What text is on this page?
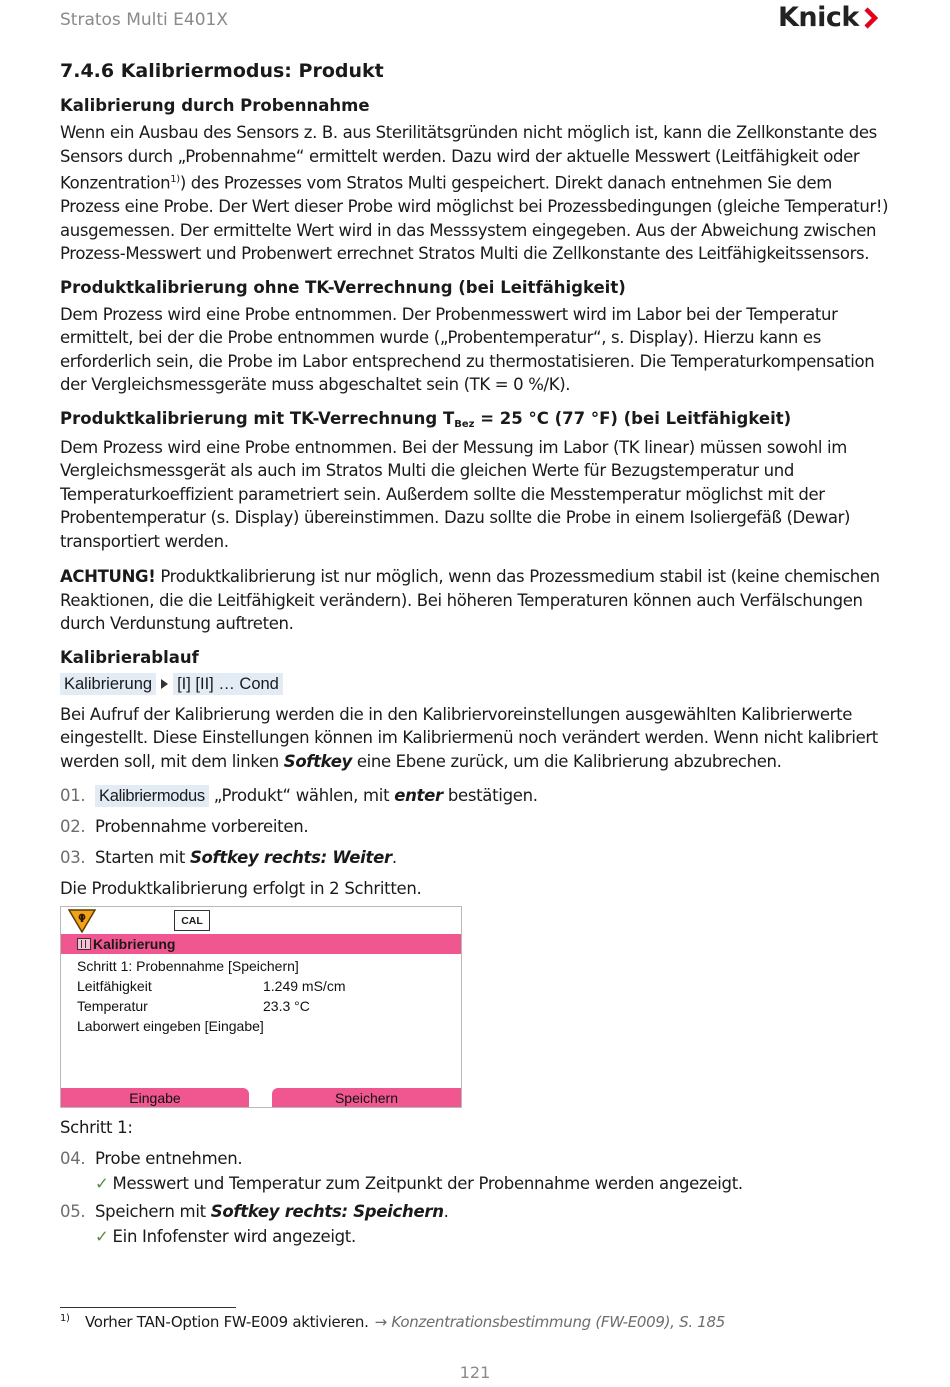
Stratos Multi E401X	Knick
7.4.6 Kalibriermodus: Produkt
Kalibrierung durch Probennahme

Wenn ein Ausbau des Sensors z. B. aus Sterilitätsgründen nicht möglich ist, kann die Zellkonstante des Sensors durch „Probennahme“ ermittelt werden. Dazu wird der aktuelle Messwert (Leitfähigkeit oder Konzentration$^{1)}$) des Prozesses vom Stratos Multi gespeichert. Direkt danach entnehmen Sie dem Prozess eine Probe. Der Wert dieser Probe wird möglichst bei Prozessbedingungen (gleiche Temperatur!) ausgemessen. Der ermittelte Wert wird in das Messsystem eingegeben. Aus der Abweichung zwischen Prozess-Messwert und Probenwert errechnet Stratos Multi die Zellkonstante des Leitfähigkeitssensors.

Produktkalibrierung ohne TK-Verrechnung (bei Leitfähigkeit)

Dem Prozess wird eine Probe entnommen. Der Probenmesswert wird im Labor bei der Temperatur ermittelt, bei der die Probe entnommen wurde („Probentemperatur“, s. Display). Hierzu kann es erforderlich sein, die Probe im Labor entsprechend zu thermostatisieren. Die Temperaturkompensation der Vergleichsmessgeräte muss abgeschaltet sein (TK = 0 %/K).

Produktkalibrierung mit TK-Verrechnung $T_{Bez} = 25$ °C (77 °F) (bei Leitfähigkeit)

Dem Prozess wird eine Probe entnommen. Bei der Messung im Labor (TK linear) müssen sowohl im Vergleichsmessgerät als auch im Stratos Multi die gleichen Werte für Bezugstemperatur und Temperaturkoeffizient parametriert sein. Außerdem sollte die Messtemperatur möglichst mit der Probentemperatur (s. Display) übereinstimmen. Dazu sollte die Probe in einem Isoliergefäß (Dewar) transportiert werden.

ACHTUNG! Produktkalibrierung ist nur möglich, wenn das Prozessmedium stabil ist (keine chemischen Reaktionen, die die Leitfähigkeit verändern). Bei höheren Temperaturen können auch Verfälschungen durch Verdunstung auftreten.

Kalibrierablauf
Kalibrierung [I] [II] … Cond

Bei Aufruf der Kalibrierung werden die in den Kalibriervoreinstellungen ausgewählten Kalibrierwerte eingestellt. Diese Einstellungen können im Kalibriermenü noch verändert werden. Wenn nicht kalibriert werden soll, mit dem linken Softkey eine Ebene zurück, um die Kalibrierung abzubrechen.

01. Kalibriermodus „Produkt“ wählen, mit enter bestätigen.
02. Probennahme vorbereiten.
03. Starten mit Softkey rechts: Weiter.
Die Produktkalibrierung erfolgt in 2 Schritten.
CAL
Kalibrierung
Schritt 1: Probennahme [Speichern]
Leitfähigkeit	1.249 mS/cm
Temperatur	23.3 °C
Laborwert eingeben [Eingabe]
Eingabe	Speichern
Schritt 1:
04. Probe entnehmen.
✓ Messwert und Temperatur zum Zeitpunkt der Probennahme werden angezeigt.
05. Speichern mit Softkey rechts: Speichern.
✓ Ein Infofenster wird angezeigt.
1)	Vorher TAN-Option FW-E009 aktivieren. → Konzentrationsbestimmung (FW-E009), S. 185
121
